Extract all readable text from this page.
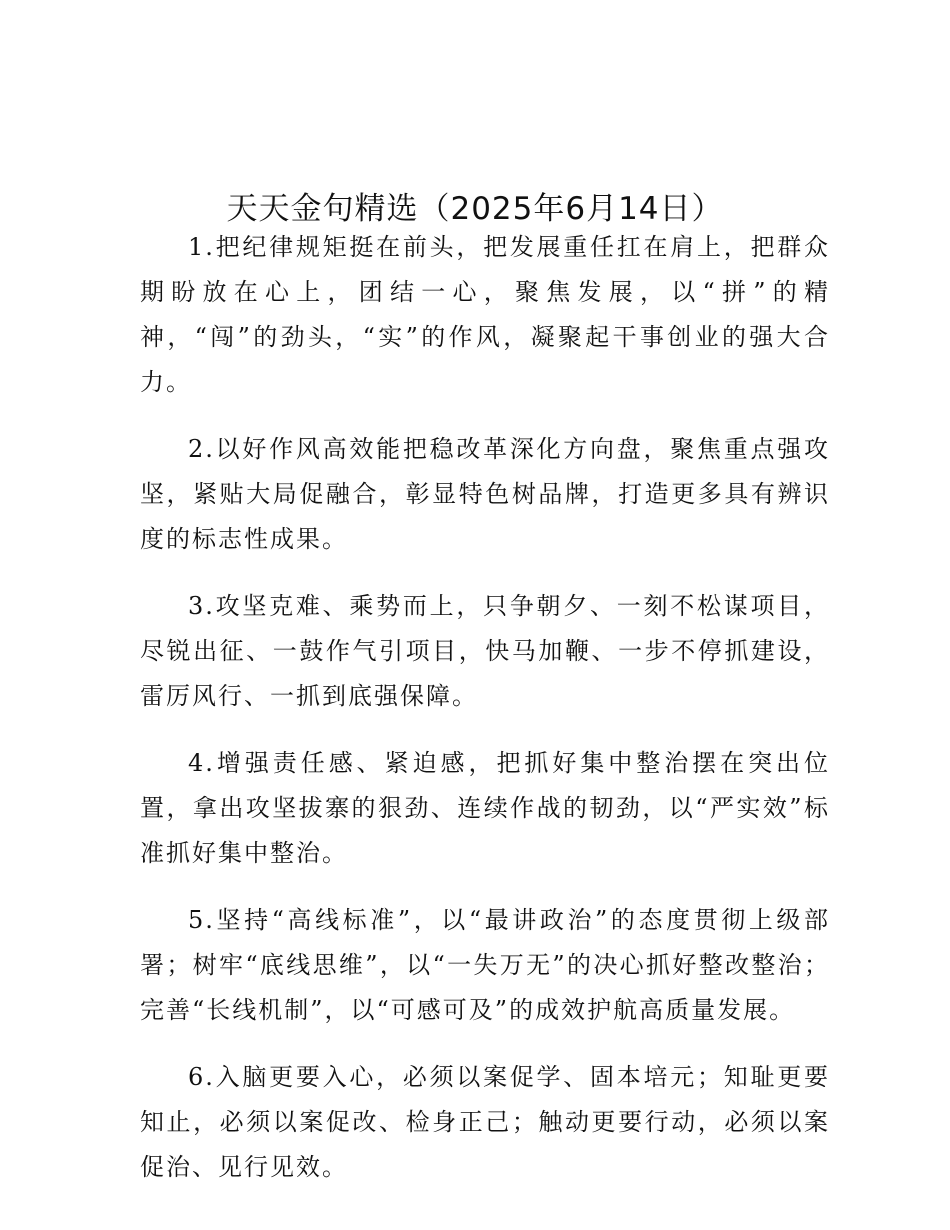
天天金句精选（2025年6月14日）

1.把纪律规矩挺在前头，把发展重任扛在肩上，把群众期盼放在心上，团结一心，聚焦发展，以“拼”的精神，“闯”的劲头，“实”的作风，凝聚起干事创业的强大合力。

2.以好作风高效能把稳改革深化方向盘，聚焦重点强攻坚，紧贴大局促融合，彰显特色树品牌，打造更多具有辨识度的标志性成果。

3.攻坚克难、乘势而上，只争朝夕、一刻不松谋项目，尽锐出征、一鼓作气引项目，快马加鞭、一步不停抓建设，雷厉风行、一抓到底强保障。

4.增强责任感、紧迫感，把抓好集中整治摆在突出位置，拿出攻坚拔寨的狠劲、连续作战的韧劲，以“严实效”标准抓好集中整治。

5.坚持“高线标准”，以“最讲政治”的态度贯彻上级部署；树牢“底线思维”，以“一失万无”的决心抓好整改整治；完善“长线机制”，以“可感可及”的成效护航高质量发展。

6.入脑更要入心，必须以案促学、固本培元；知耻更要知止，必须以案促改、检身正己；触动更要行动，必须以案促治、见行见效。
